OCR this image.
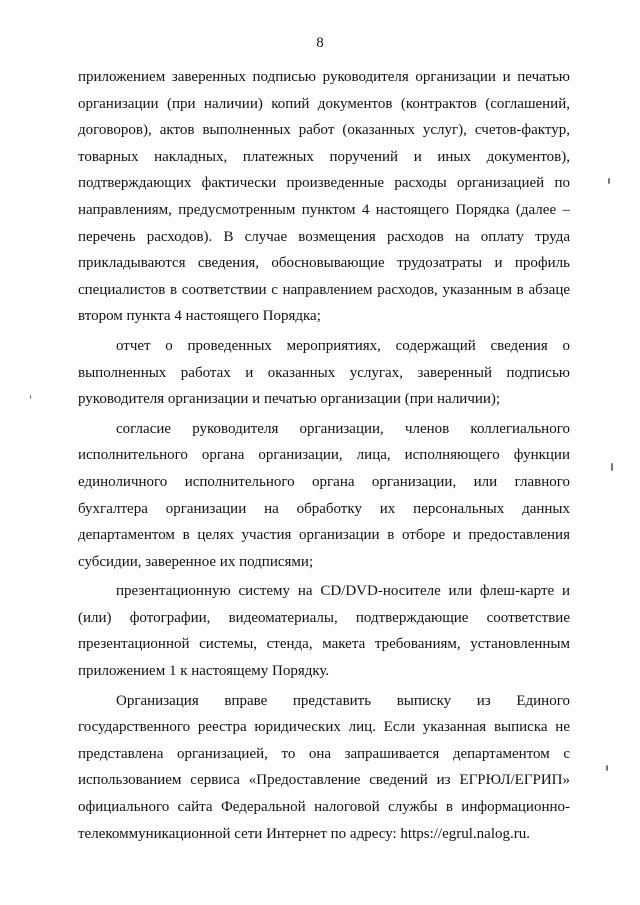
8

приложением заверенных подписью руководителя организации и печатью организации (при наличии) копий документов (контрактов (соглашений, договоров), актов выполненных работ (оказанных услуг), счетов-фактур, товарных накладных, платежных поручений и иных документов), подтверждающих фактически произведенные расходы организацией по направлениям, предусмотренным пунктом 4 настоящего Порядка (далее – перечень расходов). В случае возмещения расходов на оплату труда прикладываются сведения, обосновывающие трудозатраты и профиль специалистов в соответствии с направлением расходов, указанным в абзаце втором пункта 4 настоящего Порядка;

отчет о проведенных мероприятиях, содержащий сведения о выполненных работах и оказанных услугах, заверенный подписью руководителя организации и печатью организации (при наличии);

согласие руководителя организации, членов коллегиального исполнительного органа организации, лица, исполняющего функции единоличного исполнительного органа организации, или главного бухгалтера организации на обработку их персональных данных департаментом в целях участия организации в отборе и предоставления субсидии, заверенное их подписями;

презентационную систему на CD/DVD-носителе или флеш-карте и (или) фотографии, видеоматериалы, подтверждающие соответствие презентационной системы, стенда, макета требованиям, установленным приложением 1 к настоящему Порядку.

Организация вправе представить выписку из Единого государственного реестра юридических лиц. Если указанная выписка не представлена организацией, то она запрашивается департаментом с использованием сервиса «Предоставление сведений из ЕГРЮЛ/ЕГРИП» официального сайта Федеральной налоговой службы в информационно-телекоммуникационной сети Интернет по адресу: https://egrul.nalog.ru.
